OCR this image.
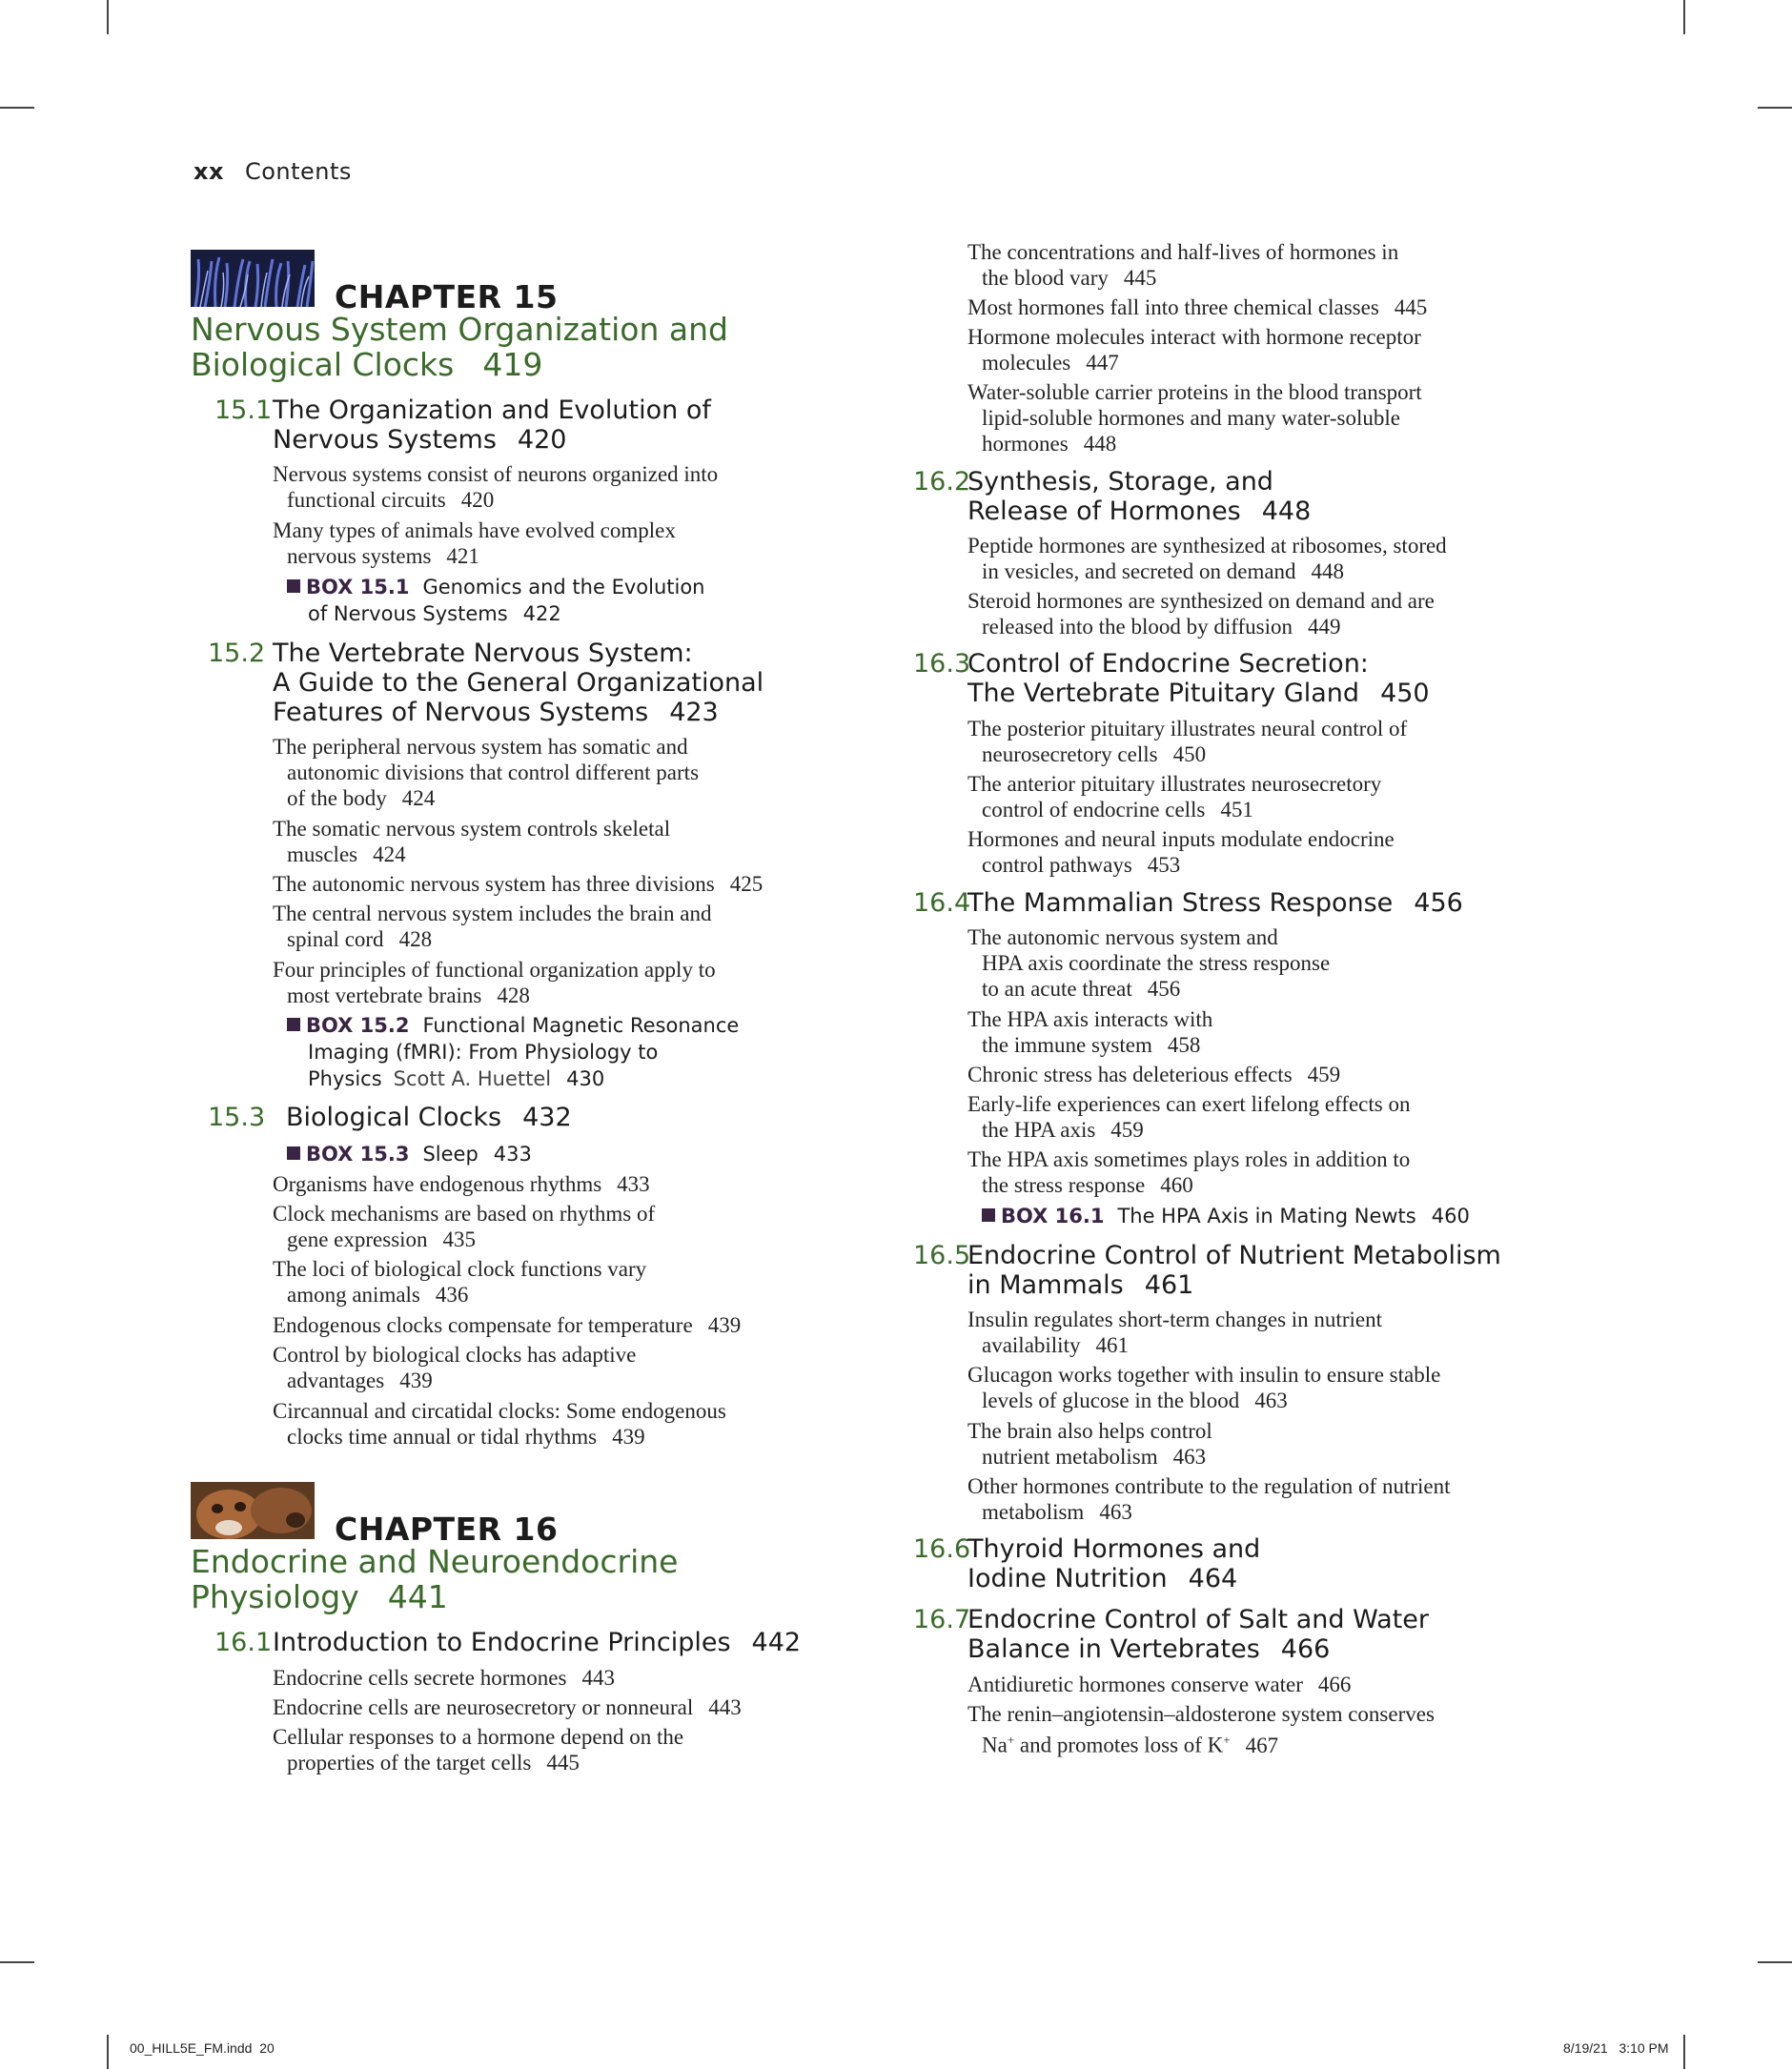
xx Contents
CHAPTER 15
Nervous System Organization and
Biological Clocks 419
15.1 The Organization and Evolution of
Nervous Systems 420
Nervous systems consist of neurons organized into
functional circuits 420
Many types of animals have evolved complex
nervous systems 421
BOX 15.1 Genomics and the Evolution
of Nervous Systems 422
15.2 The Vertebrate Nervous System:
A Guide to the General Organizational
Features of Nervous Systems 423
The peripheral nervous system has somatic and
autonomic divisions that control different parts
of the body 424
The somatic nervous system controls skeletal
muscles 424
The autonomic nervous system has three divisions 425
The central nervous system includes the brain and
spinal cord 428
Four principles of functional organization apply to
most vertebrate brains 428
BOX 15.2 Functional Magnetic Resonance
Imaging (fMRI): From Physiology to
Physics Scott A. Huettel 430
15.3 Biological Clocks 432
BOX 15.3 Sleep 433
Organisms have endogenous rhythms 433
Clock mechanisms are based on rhythms of
gene expression 435
The loci of biological clock functions vary
among animals 436
Endogenous clocks compensate for temperature 439
Control by biological clocks has adaptive
advantages 439
Circannual and circatidal clocks: Some endogenous
clocks time annual or tidal rhythms 439
CHAPTER 16
Endocrine and Neuroendocrine
Physiology 441
16.1 Introduction to Endocrine Principles 442
Endocrine cells secrete hormones 443
Endocrine cells are neurosecretory or nonneural 443
Cellular responses to a hormone depend on the
properties of the target cells 445
The concentrations and half-lives of hormones in
the blood vary 445
Most hormones fall into three chemical classes 445
Hormone molecules interact with hormone receptor
molecules 447
Water-soluble carrier proteins in the blood transport
lipid-soluble hormones and many water-soluble
hormones 448
16.2
Synthesis, Storage, and
Release of Hormones 448
Peptide hormones are synthesized at ribosomes, stored
in vesicles, and secreted on demand 448
Steroid hormones are synthesized on demand and are
released into the blood by diffusion 449
16.3
Control of Endocrine Secretion:
The Vertebrate Pituitary Gland 450
The posterior pituitary illustrates neural control of
neurosecretory cells 450
The anterior pituitary illustrates neurosecretory
control of endocrine cells 451
Hormones and neural inputs modulate endocrine
control pathways 453
16.4
The Mammalian Stress Response 456
The autonomic nervous system and
HPA axis coordinate the stress response
to an acute threat 456
The HPA axis interacts with
the immune system 458
Chronic stress has deleterious effects 459
Early-life experiences can exert lifelong effects on
the HPA axis 459
The HPA axis sometimes plays roles in addition to
the stress response 460
BOX 16.1 The HPA Axis in Mating Newts 460
16.5
Endocrine Control of Nutrient Metabolism
in Mammals 461
Insulin regulates short-term changes in nutrient
availability 461
Glucagon works together with insulin to ensure stable
levels of glucose in the blood 463
The brain also helps control
nutrient metabolism 463
Other hormones contribute to the regulation of nutrient
metabolism 463
16.6
Thyroid Hormones and
Iodine Nutrition 464
16.7
Endocrine Control of Salt and Water
Balance in Vertebrates 466
Antidiuretic hormones conserve water 466
The renin–angiotensin–aldosterone system conserves
Na+ and promotes loss of K+ 467
00_HILL5E_FM.indd 20	8/19/21 3:10 PM
